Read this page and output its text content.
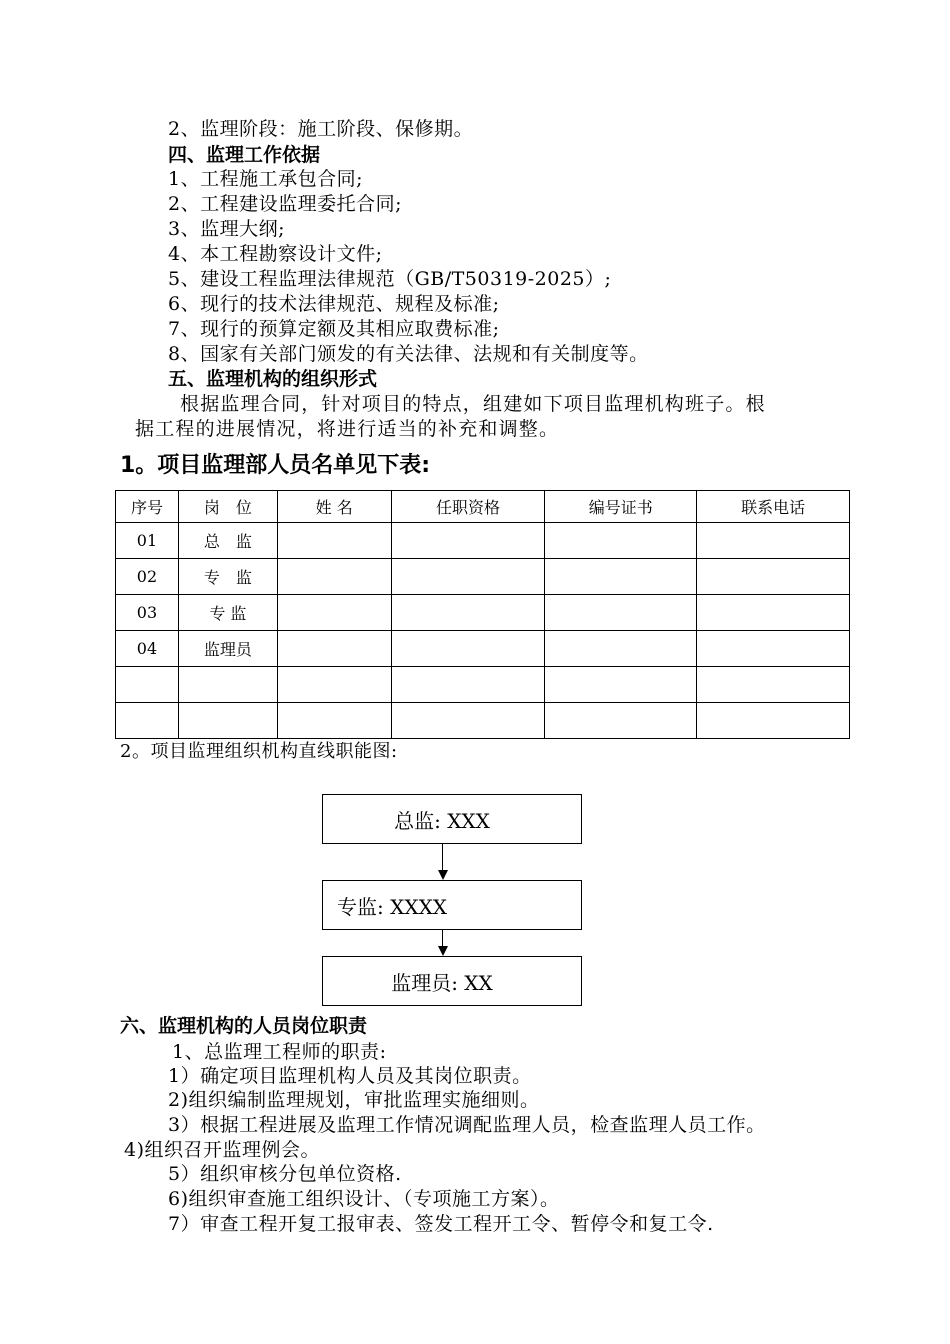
2、监理阶段：施工阶段、保修期。
四、监理工作依据
1、工程施工承包合同;
2、工程建设监理委托合同;
3、监理大纲;
4、本工程勘察设计文件;
5、建设工程监理法律规范（GB/T50319-2025）;
6、现行的技术法律规范、规程及标准;
7、现行的预算定额及其相应取费标准;
8、国家有关部门颁发的有关法律、法规和有关制度等。
五、监理机构的组织形式
根据监理合同，针对项目的特点，组建如下项目监理机构班子。根
据工程的进展情况，将进行适当的补充和调整。
1。项目监理部人员名单见下表:
序号	岗　位	姓 名	任职资格	编号证书	联系电话
01	总　监				
02	专　监				
03	专 监				
04	监理员				

2。项目监理组织机构直线职能图:
总监: XXX
专监: XXXX
监理员: XX
六、监理机构的人员岗位职责
1、总监理工程师的职责:
1）确定项目监理机构人员及其岗位职责。
2)组织编制监理规划，审批监理实施细则。
3）根据工程进展及监理工作情况调配监理人员，检查监理人员工作。
4)组织召开监理例会。
5）组织审核分包单位资格.
6)组织审查施工组织设计、（专项施工方案）。
7）审查工程开复工报审表、签发工程开工令、暂停令和复工令.
